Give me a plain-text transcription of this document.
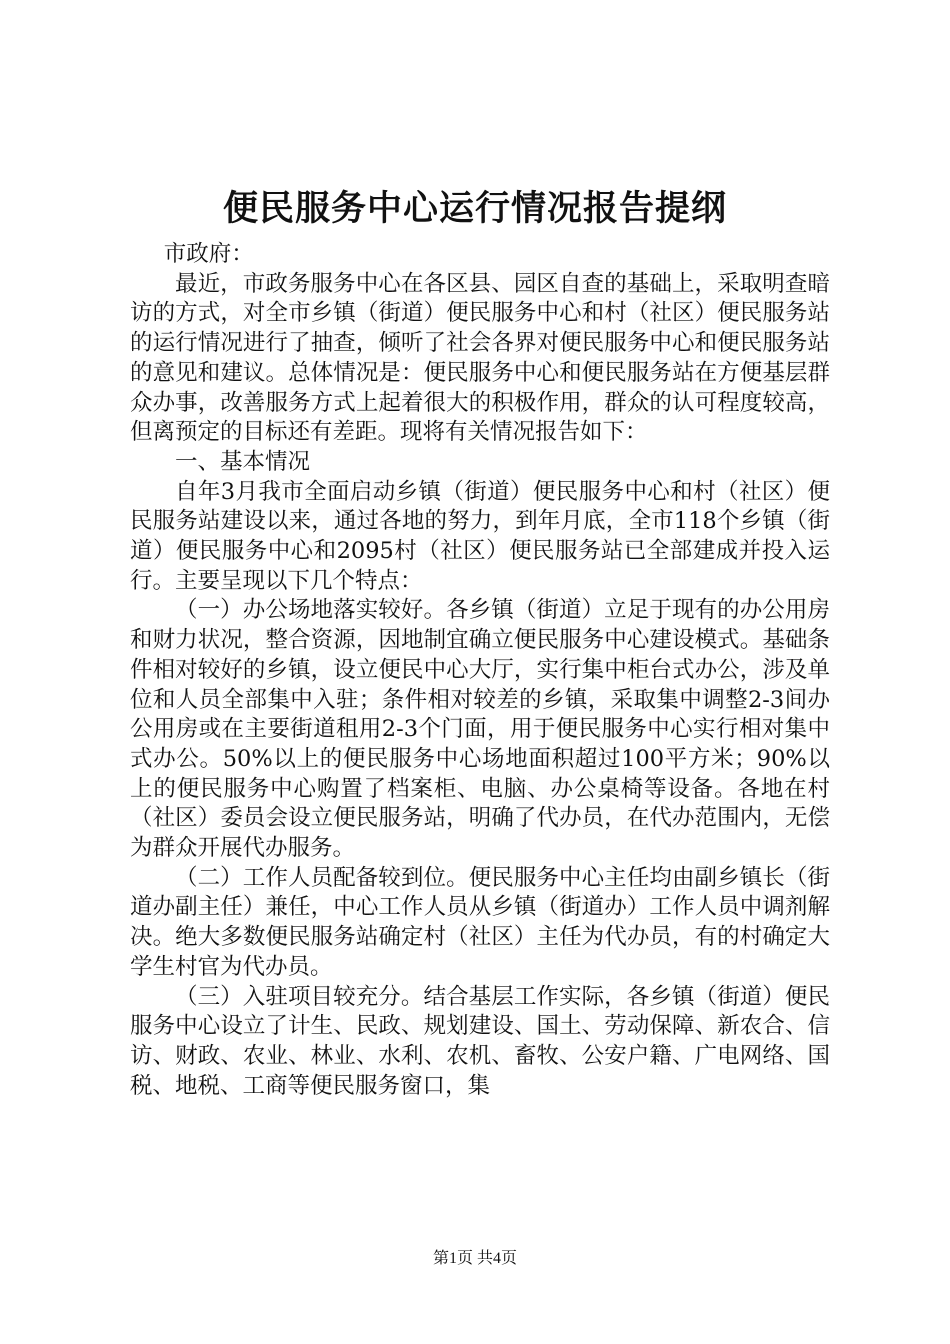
便民服务中心运行情况报告提纲

市政府：

最近，市政务服务中心在各区县、园区自查的基础上，采取明查暗访的方式，对全市乡镇（街道）便民服务中心和村（社区）便民服务站的运行情况进行了抽查，倾听了社会各界对便民服务中心和便民服务站的意见和建议。总体情况是：便民服务中心和便民服务站在方便基层群众办事，改善服务方式上起着很大的积极作用，群众的认可程度较高，但离预定的目标还有差距。现将有关情况报告如下：

一、基本情况

自年3月我市全面启动乡镇（街道）便民服务中心和村（社区）便民服务站建设以来，通过各地的努力，到年月底，全市118个乡镇（街道）便民服务中心和2095村（社区）便民服务站已全部建成并投入运行。主要呈现以下几个特点：

（一）办公场地落实较好。各乡镇（街道）立足于现有的办公用房和财力状况，整合资源，因地制宜确立便民服务中心建设模式。基础条件相对较好的乡镇，设立便民中心大厅，实行集中柜台式办公，涉及单位和人员全部集中入驻；条件相对较差的乡镇，采取集中调整2-3间办公用房或在主要街道租用2-3个门面，用于便民服务中心实行相对集中式办公。50%以上的便民服务中心场地面积超过100平方米；90%以上的便民服务中心购置了档案柜、电脑、办公桌椅等设备。各地在村（社区）委员会设立便民服务站，明确了代办员，在代办范围内，无偿为群众开展代办服务。

（二）工作人员配备较到位。便民服务中心主任均由副乡镇长（街道办副主任）兼任，中心工作人员从乡镇（街道办）工作人员中调剂解决。绝大多数便民服务站确定村（社区）主任为代办员，有的村确定大学生村官为代办员。

（三）入驻项目较充分。结合基层工作实际，各乡镇（街道）便民服务中心设立了计生、民政、规划建设、国土、劳动保障、新农合、信访、财政、农业、林业、水利、农机、畜牧、公安户籍、广电网络、国税、地税、工商等便民服务窗口，集

第1页 共4页
